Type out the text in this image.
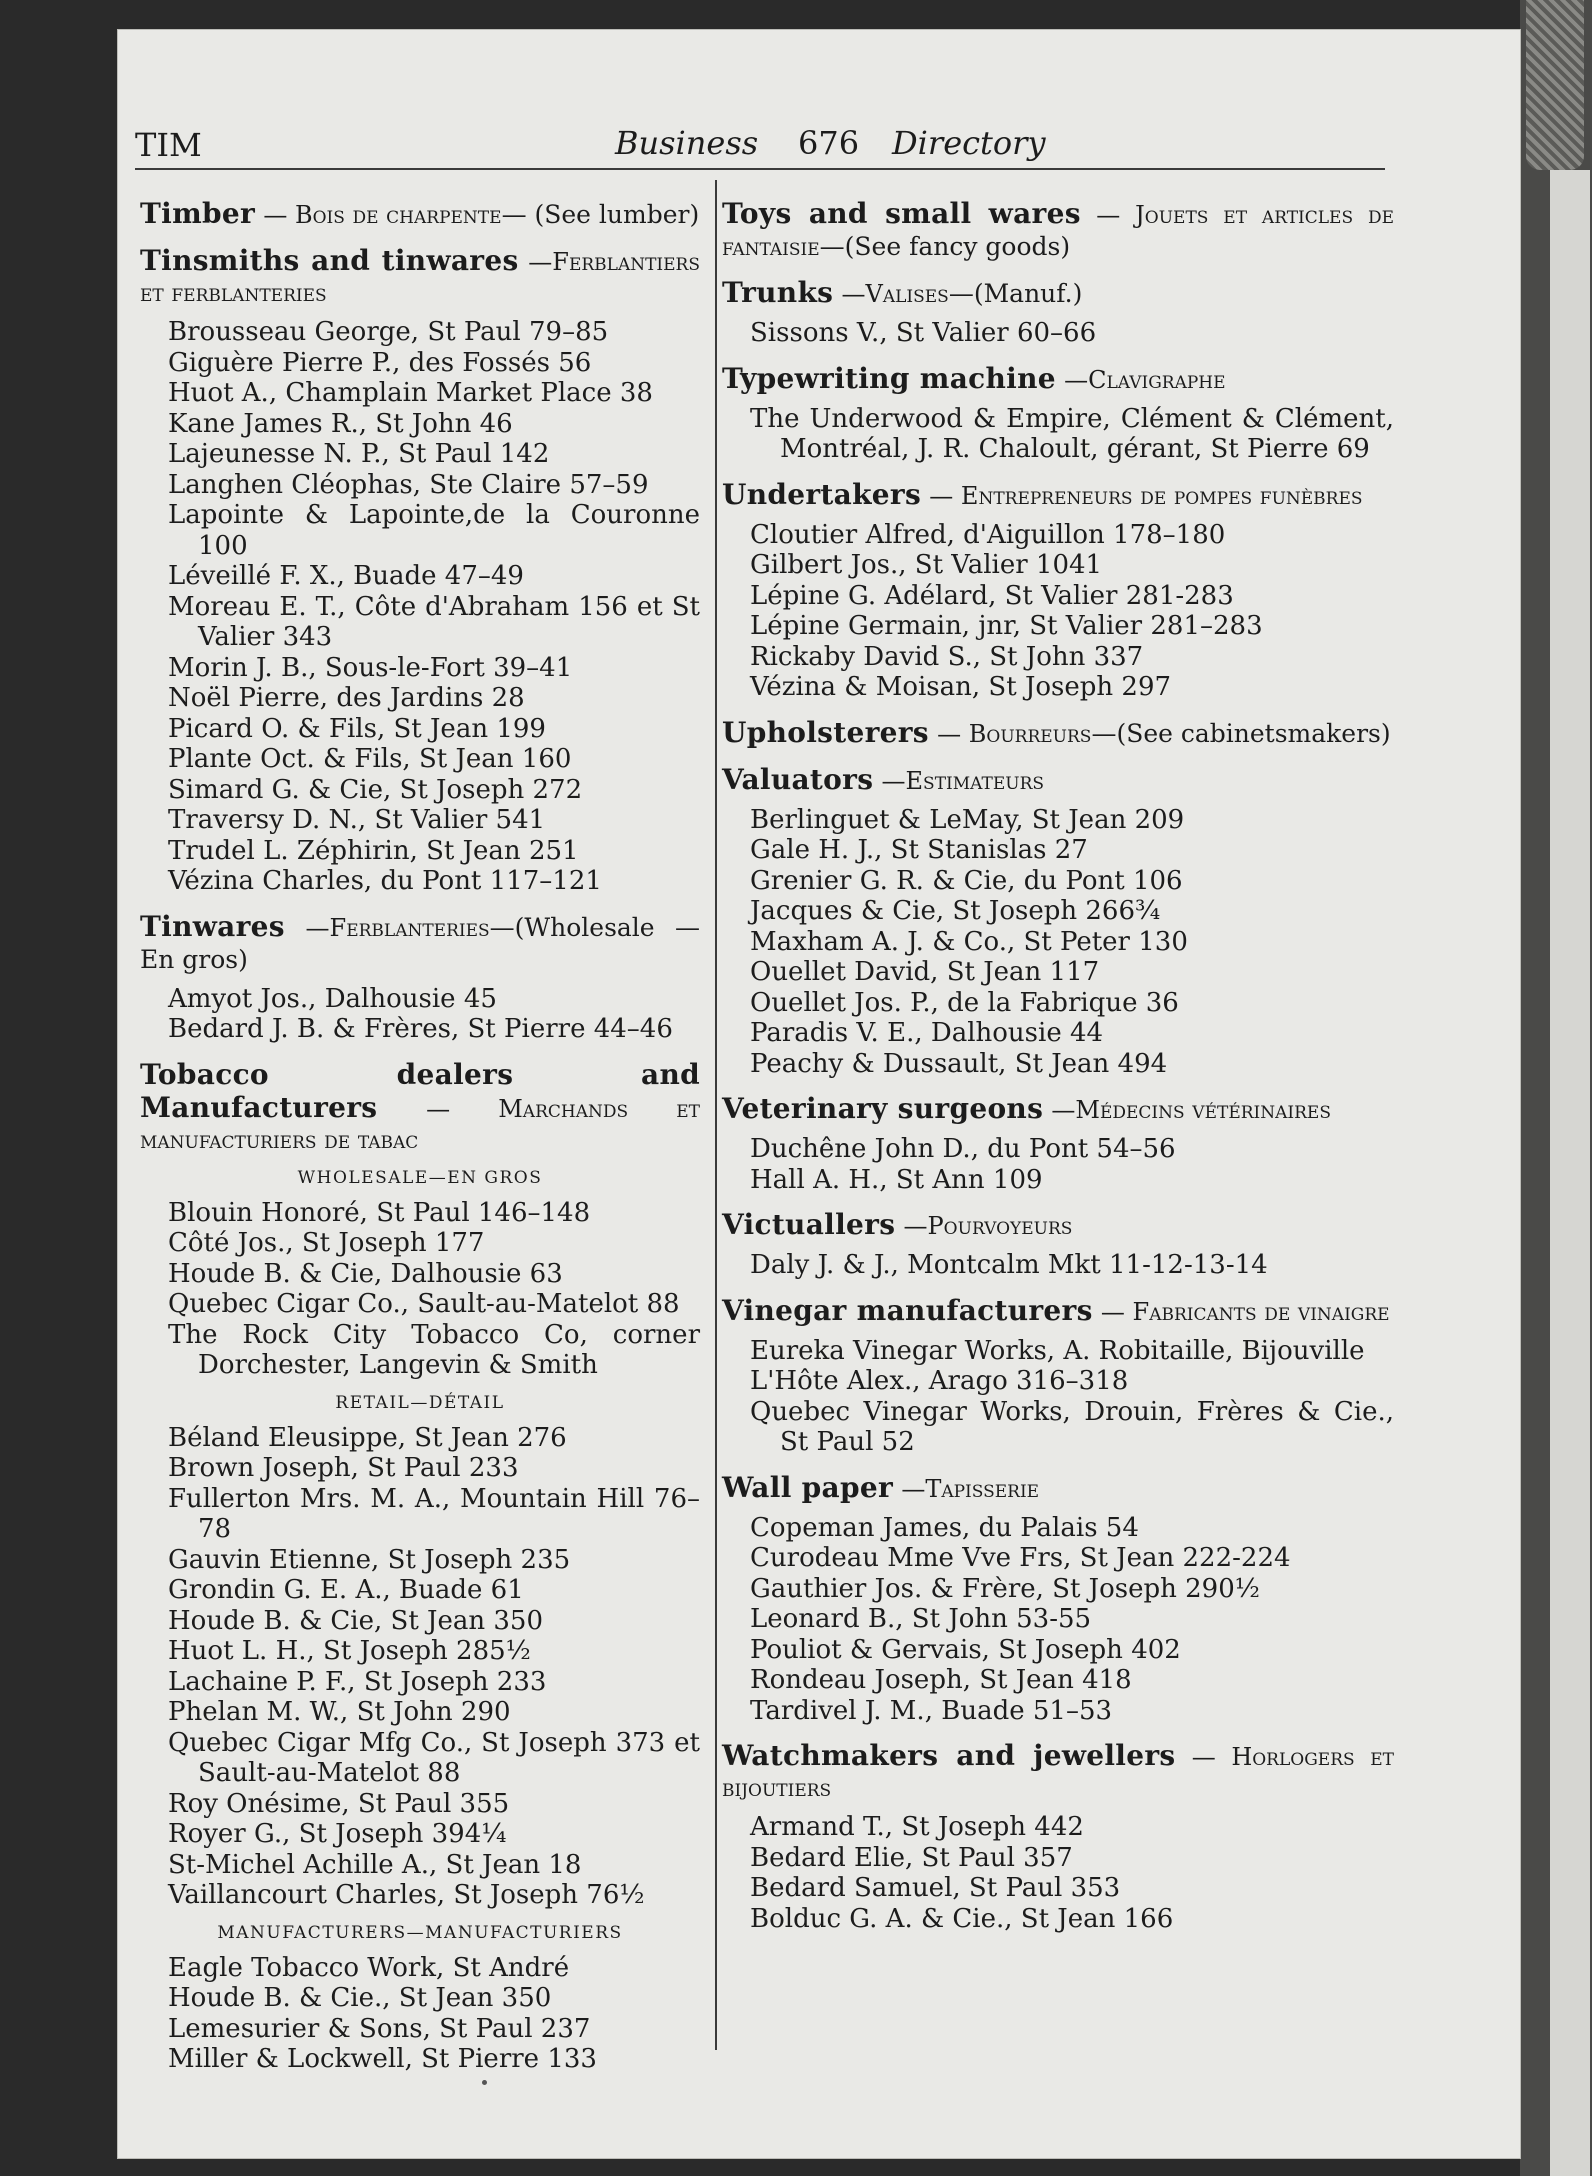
TIM	Business 676 Directory
Timber — Bois de charpente— (See lumber)
Tinsmiths and tinwares —Ferblantiers et ferblanteries
Brousseau George, St Paul 79–85
Giguère Pierre P., des Fossés 56
Huot A., Champlain Market Place 38
Kane James R., St John 46
Lajeunesse N. P., St Paul 142
Langhen Cléophas, Ste Claire 57–59
Lapointe & Lapointe,de la Couronne 100
Léveillé F. X., Buade 47–49
Moreau E. T., Côte d'Abraham 156 et St Valier 343
Morin J. B., Sous-le-Fort 39–41
Noël Pierre, des Jardins 28
Picard O. & Fils, St Jean 199
Plante Oct. & Fils, St Jean 160
Simard G. & Cie, St Joseph 272
Traversy D. N., St Valier 541
Trudel L. Zéphirin, St Jean 251
Vézina Charles, du Pont 117–121
Tinwares —Ferblanteries—(Wholesale —En gros)
Amyot Jos., Dalhousie 45
Bedard J. B. & Frères, St Pierre 44–46
Tobacco dealers and Manufacturers — Marchands et manufacturiers de tabac
WHOLESALE—EN GROS
Blouin Honoré, St Paul 146–148
Côté Jos., St Joseph 177
Houde B. & Cie, Dalhousie 63
Quebec Cigar Co., Sault-au-Matelot 88
The Rock City Tobacco Co, corner Dorchester, Langevin & Smith
RETAIL—DÉTAIL
Béland Eleusippe, St Jean 276
Brown Joseph, St Paul 233
Fullerton Mrs. M. A., Mountain Hill 76–78
Gauvin Etienne, St Joseph 235
Grondin G. E. A., Buade 61
Houde B. & Cie, St Jean 350
Huot L. H., St Joseph 285½
Lachaine P. F., St Joseph 233
Phelan M. W., St John 290
Quebec Cigar Mfg Co., St Joseph 373 et Sault-au-Matelot 88
Roy Onésime, St Paul 355
Royer G., St Joseph 394¼
St-Michel Achille A., St Jean 18
Vaillancourt Charles, St Joseph 76½
MANUFACTURERS—MANUFACTURIERS
Eagle Tobacco Work, St André
Houde B. & Cie., St Jean 350
Lemesurier & Sons, St Paul 237
Miller & Lockwell, St Pierre 133
Toys and small wares — Jouets et articles de fantaisie—(See fancy goods)
Trunks —Valises—(Manuf.)
Sissons V., St Valier 60–66
Typewriting machine —Clavigraphe
The Underwood & Empire, Clément & Clément, Montréal, J. R. Chaloult, gérant, St Pierre 69
Undertakers — Entrepreneurs de pompes funèbres
Cloutier Alfred, d'Aiguillon 178–180
Gilbert Jos., St Valier 1041
Lépine G. Adélard, St Valier 281-283
Lépine Germain, jnr, St Valier 281–283
Rickaby David S., St John 337
Vézina & Moisan, St Joseph 297
Upholsterers — Bourreurs—(See cabinetsmakers)
Valuators —Estimateurs
Berlinguet & LeMay, St Jean 209
Gale H. J., St Stanislas 27
Grenier G. R. & Cie, du Pont 106
Jacques & Cie, St Joseph 266¾
Maxham A. J. & Co., St Peter 130
Ouellet David, St Jean 117
Ouellet Jos. P., de la Fabrique 36
Paradis V. E., Dalhousie 44
Peachy & Dussault, St Jean 494
Veterinary surgeons —Médecins vétérinaires
Duchêne John D., du Pont 54–56
Hall A. H., St Ann 109
Victuallers —Pourvoyeurs
Daly J. & J., Montcalm Mkt 11-12-13-14
Vinegar manufacturers — Fabricants de vinaigre
Eureka Vinegar Works, A. Robitaille, Bijouville
L'Hôte Alex., Arago 316–318
Quebec Vinegar Works, Drouin, Frères & Cie., St Paul 52
Wall paper —Tapisserie
Copeman James, du Palais 54
Curodeau Mme Vve Frs, St Jean 222-224
Gauthier Jos. & Frère, St Joseph 290½
Leonard B., St John 53-55
Pouliot & Gervais, St Joseph 402
Rondeau Joseph, St Jean 418
Tardivel J. M., Buade 51–53
Watchmakers and jewellers — Horlogers et bijoutiers
Armand T., St Joseph 442
Bedard Elie, St Paul 357
Bedard Samuel, St Paul 353
Bolduc G. A. & Cie., St Jean 166
